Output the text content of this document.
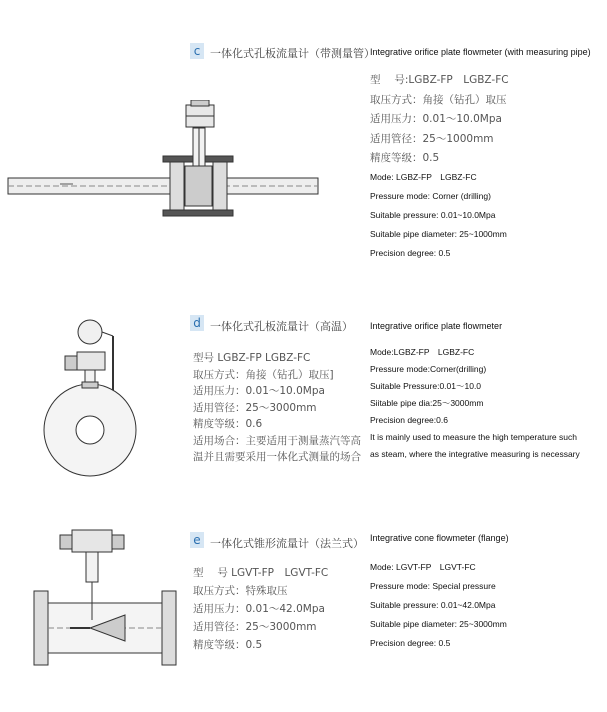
c 一体化式孔板流量计（带测量管）
Integrative orifice plate flowmeter (with measuring pipe)
型　 号:LGBZ-FP　LGBZ-FC
取压方式：角接（钻孔）取压
适用压力：0.01～10.0Mpa
适用管径：25～1000mm
精度等级：0.5
Mode: LGBZ-FP　LGBZ-FC
Pressure mode: Corner (drilling)
Suitable pressure: 0.01~10.0Mpa
Suitable pipe diameter: 25~1000mm
Precision degree: 0.5
d 一体化式孔板流量计（高温） Integrative orifice plate flowmeter
型号 LGBZ-FP LGBZ-FC
取压方式：角接（钻孔）取压]
适用压力：0.01～10.0Mpa
适用管径：25～3000mm
精度等级：0.6
适用场合：主要适用于测量蒸汽等高
温并且需要采用一体化式测量的场合
Mode:LGBZ-FP　LGBZ-FC
Pressure mode:Corner(drilling)
Suitable Pressure:0.01～10.0
Siitable pipe dia:25～3000mm
Precision degree:0.6
It is mainly used to measure the high temperature such
as steam, where the integrative measuring is necessary
e 一体化式锥形流量计（法兰式） Integrative cone flowmeter (flange)
型　 号 LGVT-FP　LGVT-FC
取压方式：特殊取压
适用压力：0.01～42.0Mpa
适用管径：25～3000mm
精度等级：0.5
Mode: LGVT-FP　LGVT-FC
Pressure mode: Special pressure
Suitable pressure: 0.01~42.0Mpa
Suitable pipe diameter: 25~3000mm
Precision degree: 0.5
